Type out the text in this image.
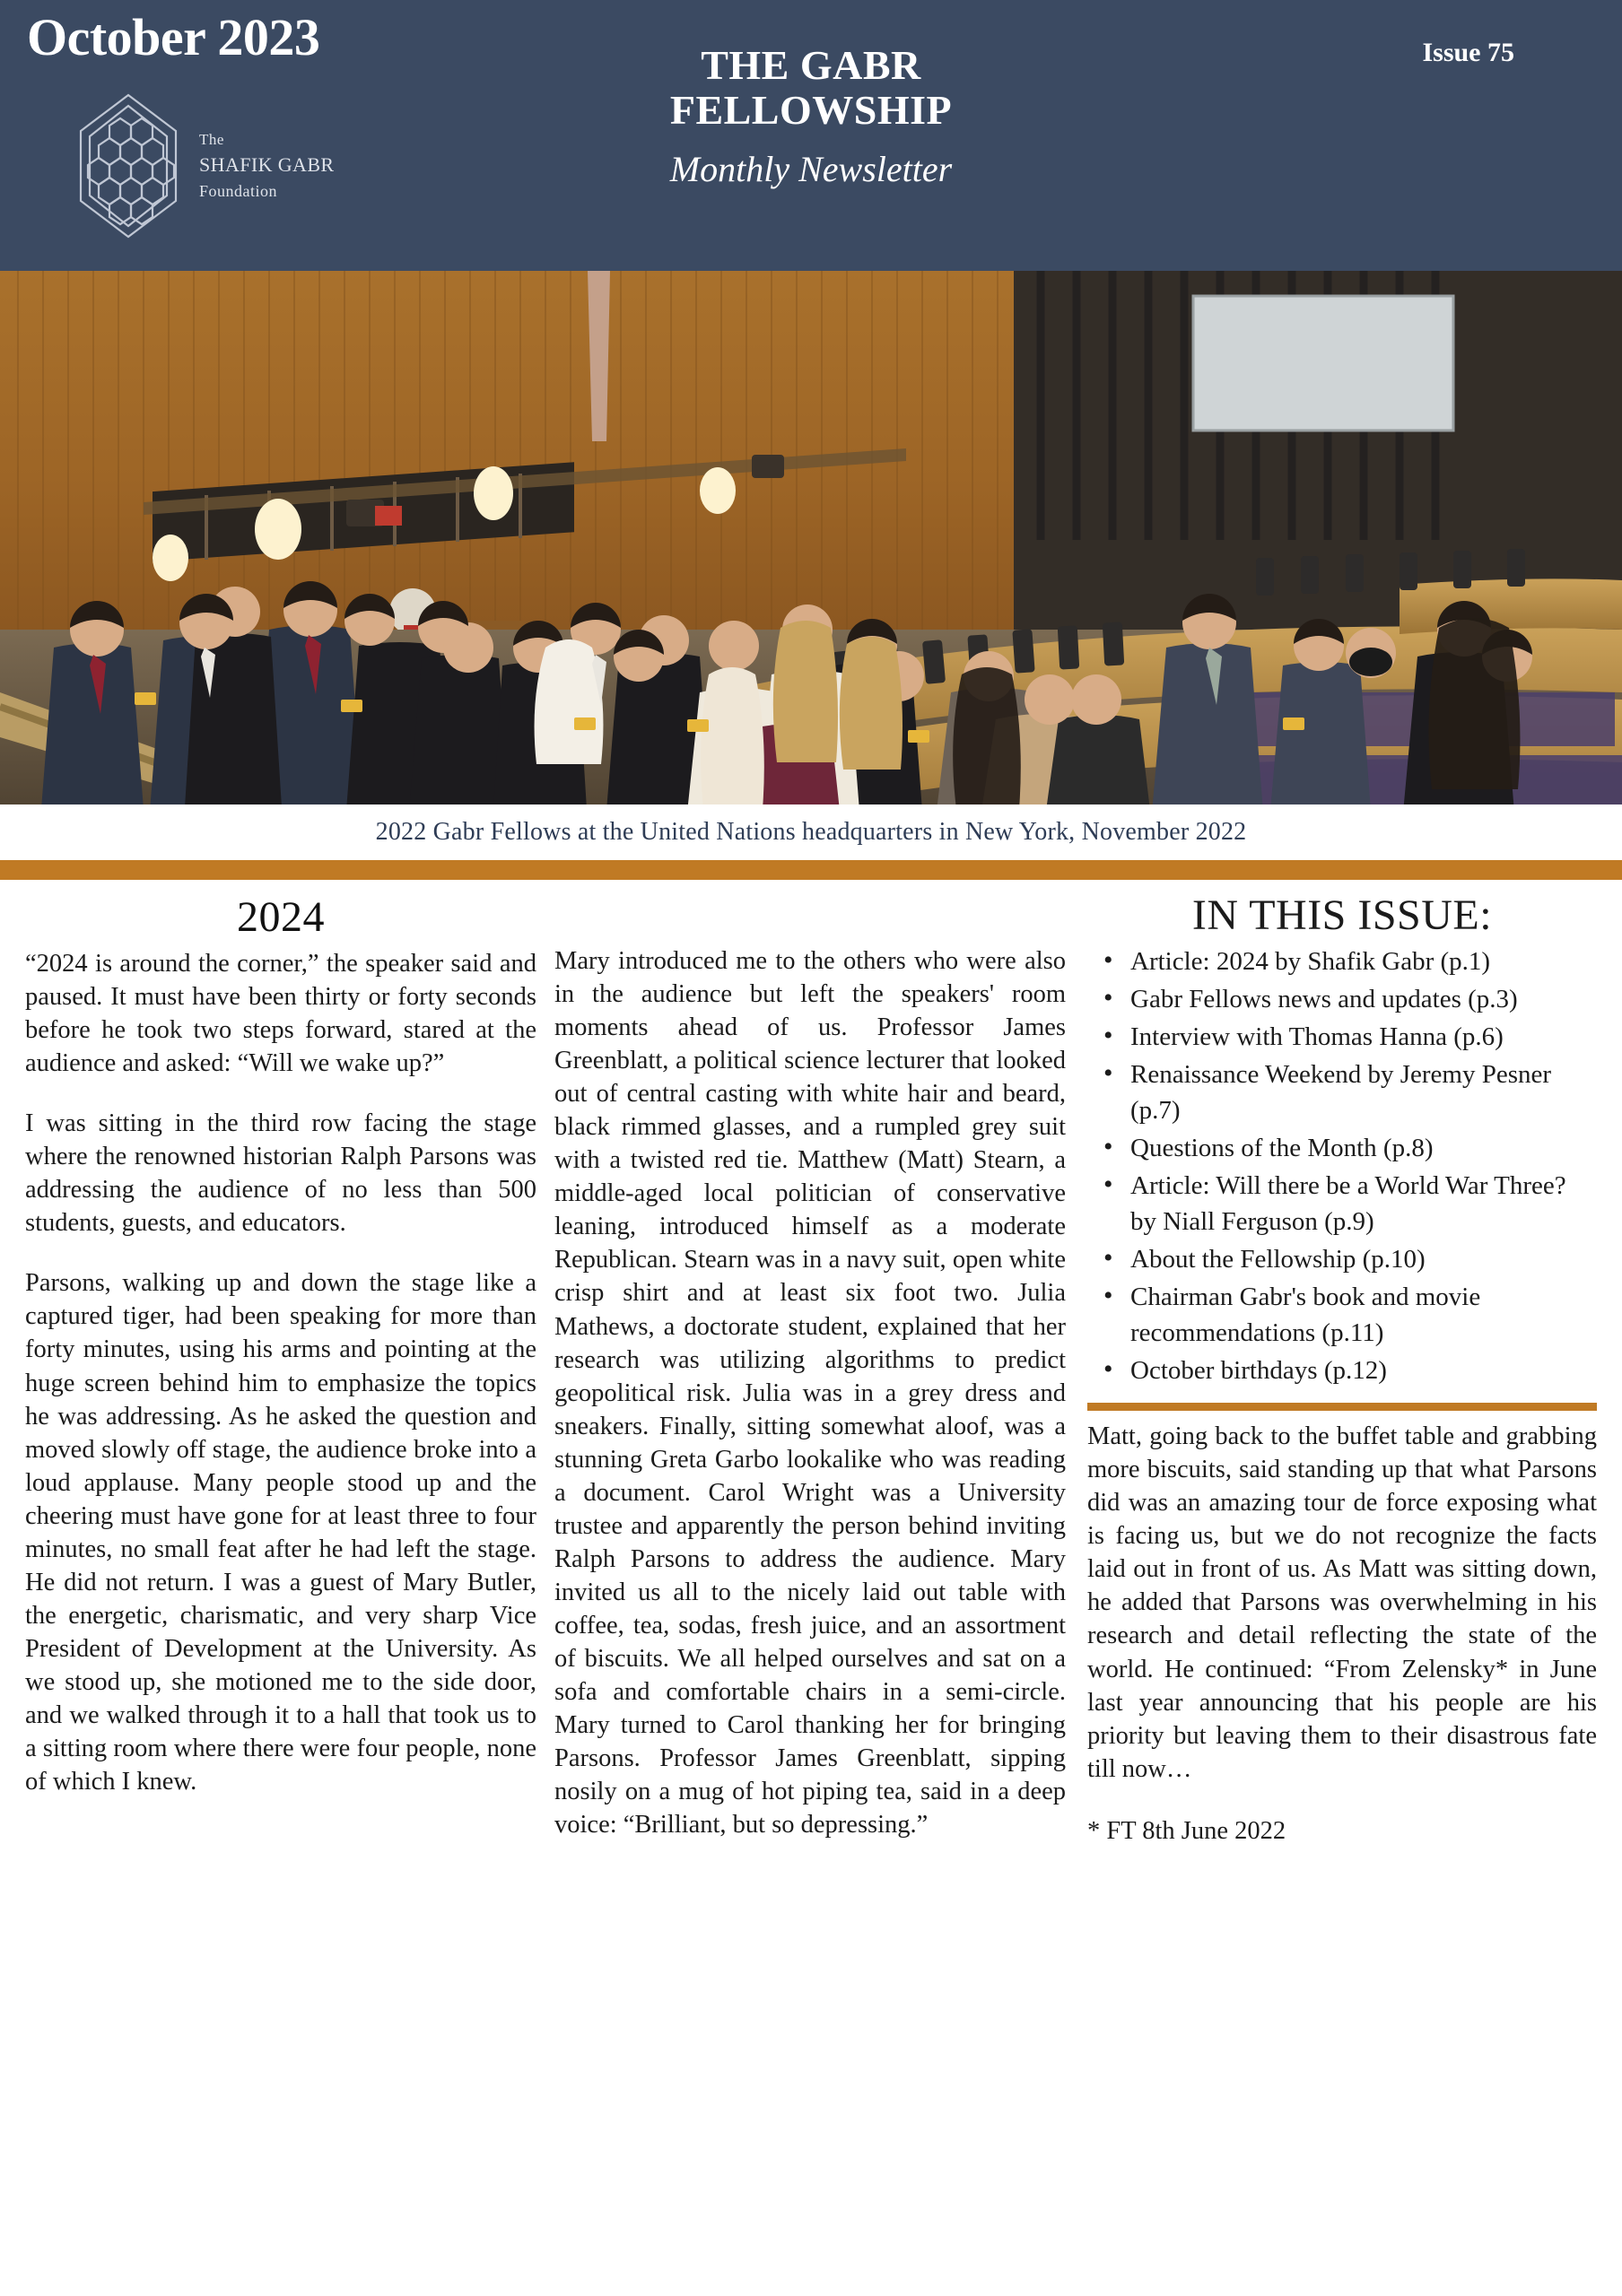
October 2023	Issue 75
THE GABR
FELLOWSHIP
Monthly Newsletter
The
SHAFIK GABR
Foundation
2022 Gabr Fellows at the United Nations headquarters in New York, November 2022
2024

“2024 is around the corner,” the speaker said and paused. It must have been thirty or forty seconds before he took two steps forward, stared at the audience and asked: “Will we wake up?”

I was sitting in the third row facing the stage where the renowned historian Ralph Parsons was addressing the audience of no less than 500 students, guests, and educators.

Parsons, walking up and down the stage like a captured tiger, had been speaking for more than forty minutes, using his arms and pointing at the huge screen behind him to emphasize the topics he was addressing. As he asked the question and moved slowly off stage, the audience broke into a loud applause. Many people stood up and the cheering must have gone for at least three to four minutes, no small feat after he had left the stage. He did not return. I was a guest of Mary Butler, the energetic, charismatic, and very sharp Vice President of Development at the University. As we stood up, she motioned me to the side door, and we walked through it to a hall that took us to a sitting room where there were four people, none of which I knew.

Mary introduced me to the others who were also in the audience but left the speakers' room moments ahead of us. Professor James Greenblatt, a political science lecturer that looked out of central casting with white hair and beard, black rimmed glasses, and a rumpled grey suit with a twisted red tie. Matthew (Matt) Stearn, a middle-aged local politician of conservative leaning, introduced himself as a moderate Republican. Stearn was in a navy suit, open white crisp shirt and at least six foot two. Julia Mathews, a doctorate student, explained that her research was utilizing algorithms to predict geopolitical risk. Julia was in a grey dress and sneakers. Finally, sitting somewhat aloof, was a stunning Greta Garbo lookalike who was reading a document. Carol Wright was a University trustee and apparently the person behind inviting Ralph Parsons to address the audience. Mary invited us all to the nicely laid out table with coffee, tea, sodas, fresh juice, and an assortment of biscuits. We all helped ourselves and sat on a sofa and comfortable chairs in a semi-circle. Mary turned to Carol thanking her for bringing Parsons. Professor James Greenblatt, sipping nosily on a mug of hot piping tea, said in a deep voice: “Brilliant, but so depressing.”

IN THIS ISSUE:
• Article: 2024 by Shafik Gabr (p.1)
• Gabr Fellows news and updates (p.3)
• Interview with Thomas Hanna (p.6)
• Renaissance Weekend by Jeremy Pesner (p.7)
• Questions of the Month (p.8)
• Article: Will there be a World War Three? by Niall Ferguson (p.9)
• About the Fellowship (p.10)
• Chairman Gabr's book and movie recommendations (p.11)
• October birthdays (p.12)

Matt, going back to the buffet table and grabbing more biscuits, said standing up that what Parsons did was an amazing tour de force exposing what is facing us, but we do not recognize the facts laid out in front of us. As Matt was sitting down, he added that Parsons was overwhelming in his research and detail reflecting the state of the world. He continued: “From Zelensky* in June last year announcing that his people are his priority but leaving them to their disastrous fate till now…

* FT 8th June 2022
